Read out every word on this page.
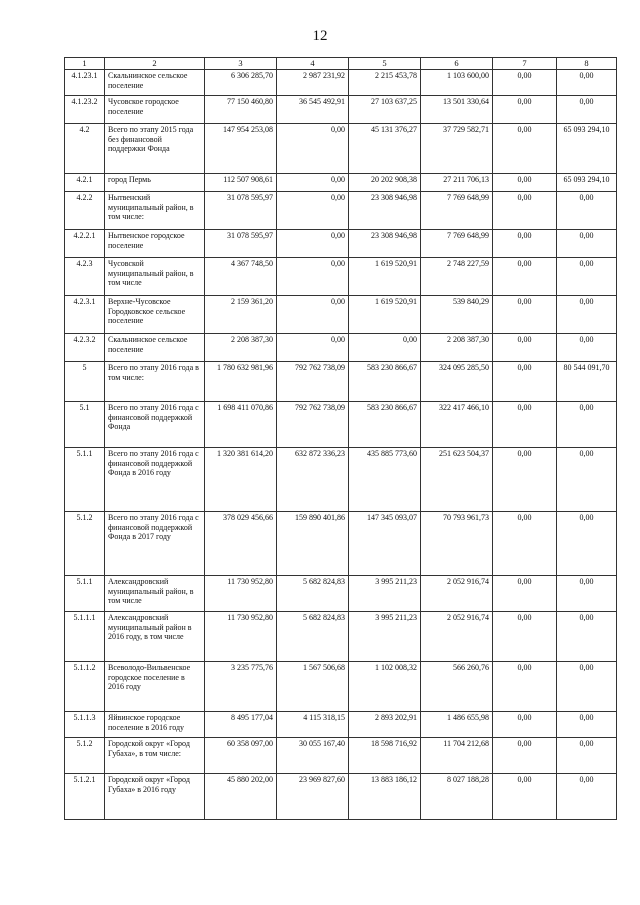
12
1	2	3	4	5	6	7	8
4.1.23.1	Скальнинское сельское поселение	6 306 285,70	2 987 231,92	2 215 453,78	1 103 600,00	0,00	0,00
4.1.23.2	Чусовское городское поселение	77 150 460,80	36 545 492,91	27 103 637,25	13 501 330,64	0,00	0,00
4.2	Всего по этапу 2015 года без финансовой поддержки Фонда	147 954 253,08	0,00	45 131 376,27	37 729 582,71	0,00	65 093 294,10
4.2.1	город Пермь	112 507 908,61	0,00	20 202 908,38	27 211 706,13	0,00	65 093 294,10
4.2.2	Нытвенский муниципальный район, в том числе:	31 078 595,97	0,00	23 308 946,98	7 769 648,99	0,00	0,00
4.2.2.1	Нытвенское городское поселение	31 078 595,97	0,00	23 308 946,98	7 769 648,99	0,00	0,00
4.2.3	Чусовской муниципальный район, в том числе	4 367 748,50	0,00	1 619 520,91	2 748 227,59	0,00	0,00
4.2.3.1	Верхне-Чусовское Городковское сельское поселение	2 159 361,20	0,00	1 619 520,91	539 840,29	0,00	0,00
4.2.3.2	Скальнинское сельское поселение	2 208 387,30	0,00	0,00	2 208 387,30	0,00	0,00
5	Всего по этапу 2016 года в том числе:	1 780 632 981,96	792 762 738,09	583 230 866,67	324 095 285,50	0,00	80 544 091,70
5.1	Всего по этапу 2016 года с финансовой поддержкой Фонда	1 698 411 070,86	792 762 738,09	583 230 866,67	322 417 466,10	0,00	0,00
5.1.1	Всего по этапу 2016 года с финансовой поддержкой Фонда в 2016 году	1 320 381 614,20	632 872 336,23	435 885 773,60	251 623 504,37	0,00	0,00
5.1.2	Всего по этапу 2016 года с финансовой поддержкой Фонда в 2017 году	378 029 456,66	159 890 401,86	147 345 093,07	70 793 961,73	0,00	0,00
5.1.1	Александровский муниципальный район, в том числе	11 730 952,80	5 682 824,83	3 995 211,23	2 052 916,74	0,00	0,00
5.1.1.1	Александровский муниципальный район в 2016 году, в том числе	11 730 952,80	5 682 824,83	3 995 211,23	2 052 916,74	0,00	0,00
5.1.1.2	Всеволодо-Вильвенское городское поселение в 2016 году	3 235 775,76	1 567 506,68	1 102 008,32	566 260,76	0,00	0,00
5.1.1.3	Яйвинское городское поселение в 2016 году	8 495 177,04	4 115 318,15	2 893 202,91	1 486 655,98	0,00	0,00
5.1.2	Городской округ «Город Губаха», в том числе:	60 358 097,00	30 055 167,40	18 598 716,92	11 704 212,68	0,00	0,00
5.1.2.1	Городской округ «Город Губаха» в 2016 году	45 880 202,00	23 969 827,60	13 883 186,12	8 027 188,28	0,00	0,00
